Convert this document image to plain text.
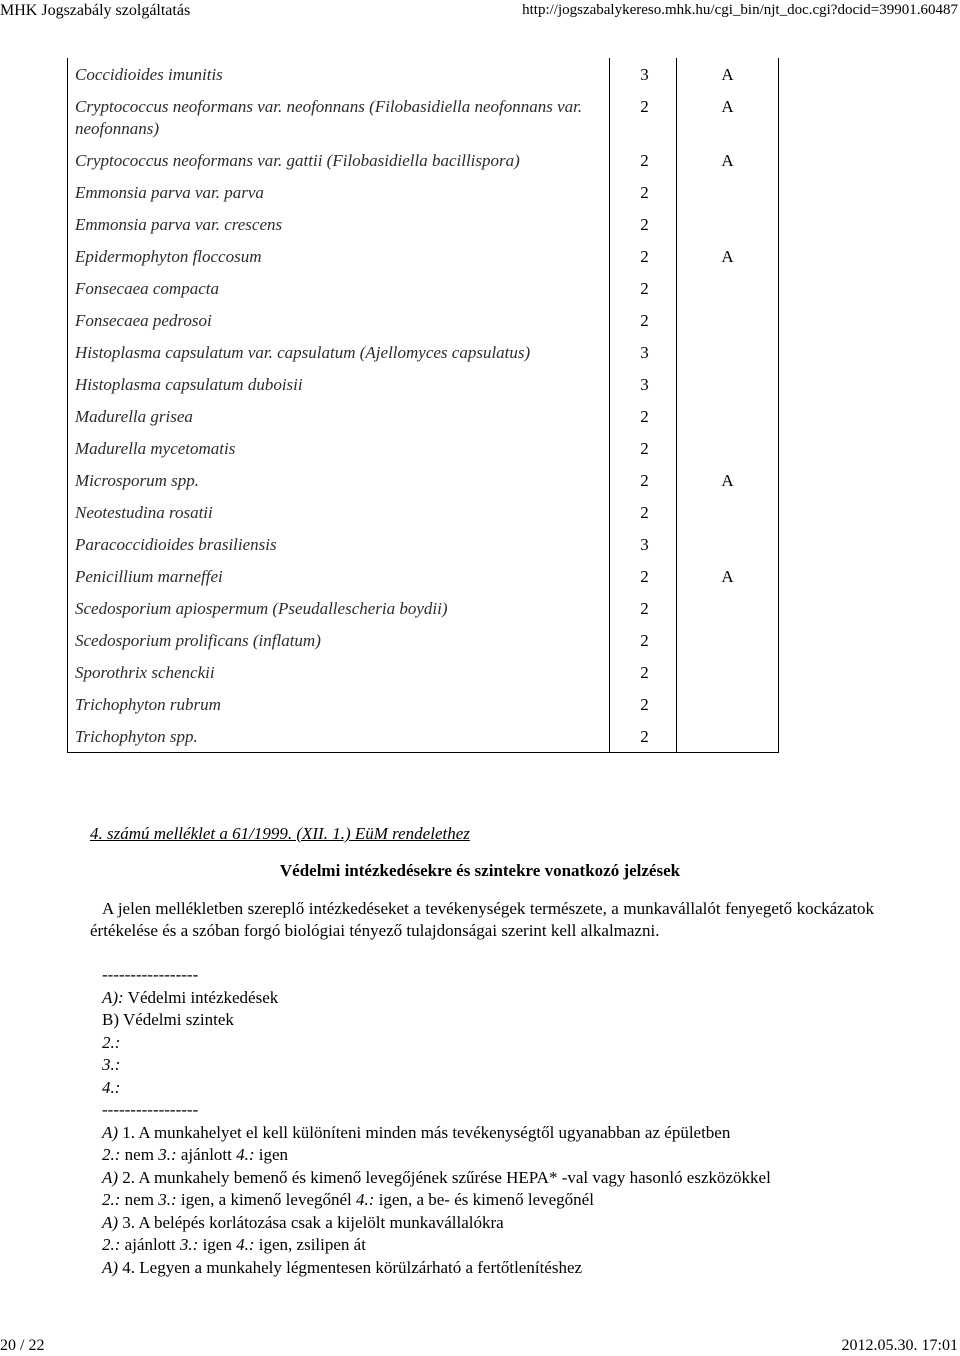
MHK Jogszabály szolgáltatás	http://jogszabalykereso.mhk.hu/cgi_bin/njt_doc.cgi?docid=39901.60487
Coccidioides imunitis	3	A
Cryptococcus neoformans var. neofonnans (Filobasidiella neofonnans var. neofonnans)	2	A
Cryptococcus neoformans var. gattii (Filobasidiella bacillispora)	2	A
Emmonsia parva var. parva	2	
Emmonsia parva var. crescens	2	
Epidermophyton floccosum	2	A
Fonsecaea compacta	2	
Fonsecaea pedrosoi	2	
Histoplasma capsulatum var. capsulatum (Ajellomyces capsulatus)	3	
Histoplasma capsulatum duboisii	3	
Madurella grisea	2	
Madurella mycetomatis	2	
Microsporum spp.	2	A
Neotestudina rosatii	2	
Paracoccidioides brasiliensis	3	
Penicillium marneffei	2	A
Scedosporium apiospermum (Pseudallescheria boydii)	2	
Scedosporium prolificans (inflatum)	2	
Sporothrix schenckii	2	
Trichophyton rubrum	2	
Trichophyton spp.	2	
4. számú melléklet a 61/1999. (XII. 1.) EüM rendelethez
Védelmi intézkedésekre és szintekre vonatkozó jelzések
A jelen mellékletben szereplő intézkedéseket a tevékenységek természete, a munkavállalót fenyegető kockázatok értékelése és a szóban forgó biológiai tényező tulajdonságai szerint kell alkalmazni.
-----------------
A): Védelmi intézkedések
B) Védelmi szintek
2.:
3.:
4.:
-----------------
A) 1. A munkahelyet el kell különíteni minden más tevékenységtől ugyanabban az épületben
2.: nem 3.: ajánlott 4.: igen
A) 2. A munkahely bemenő és kimenő levegőjének szűrése HEPA* -val vagy hasonló eszközökkel
2.: nem 3.: igen, a kimenő levegőnél 4.: igen, a be- és kimenő levegőnél
A) 3. A belépés korlátozása csak a kijelölt munkavállalókra
2.: ajánlott 3.: igen 4.: igen, zsilipen át
A) 4. Legyen a munkahely légmentesen körülzárható a fertőtlenítéshez
20 / 22	2012.05.30. 17:01
